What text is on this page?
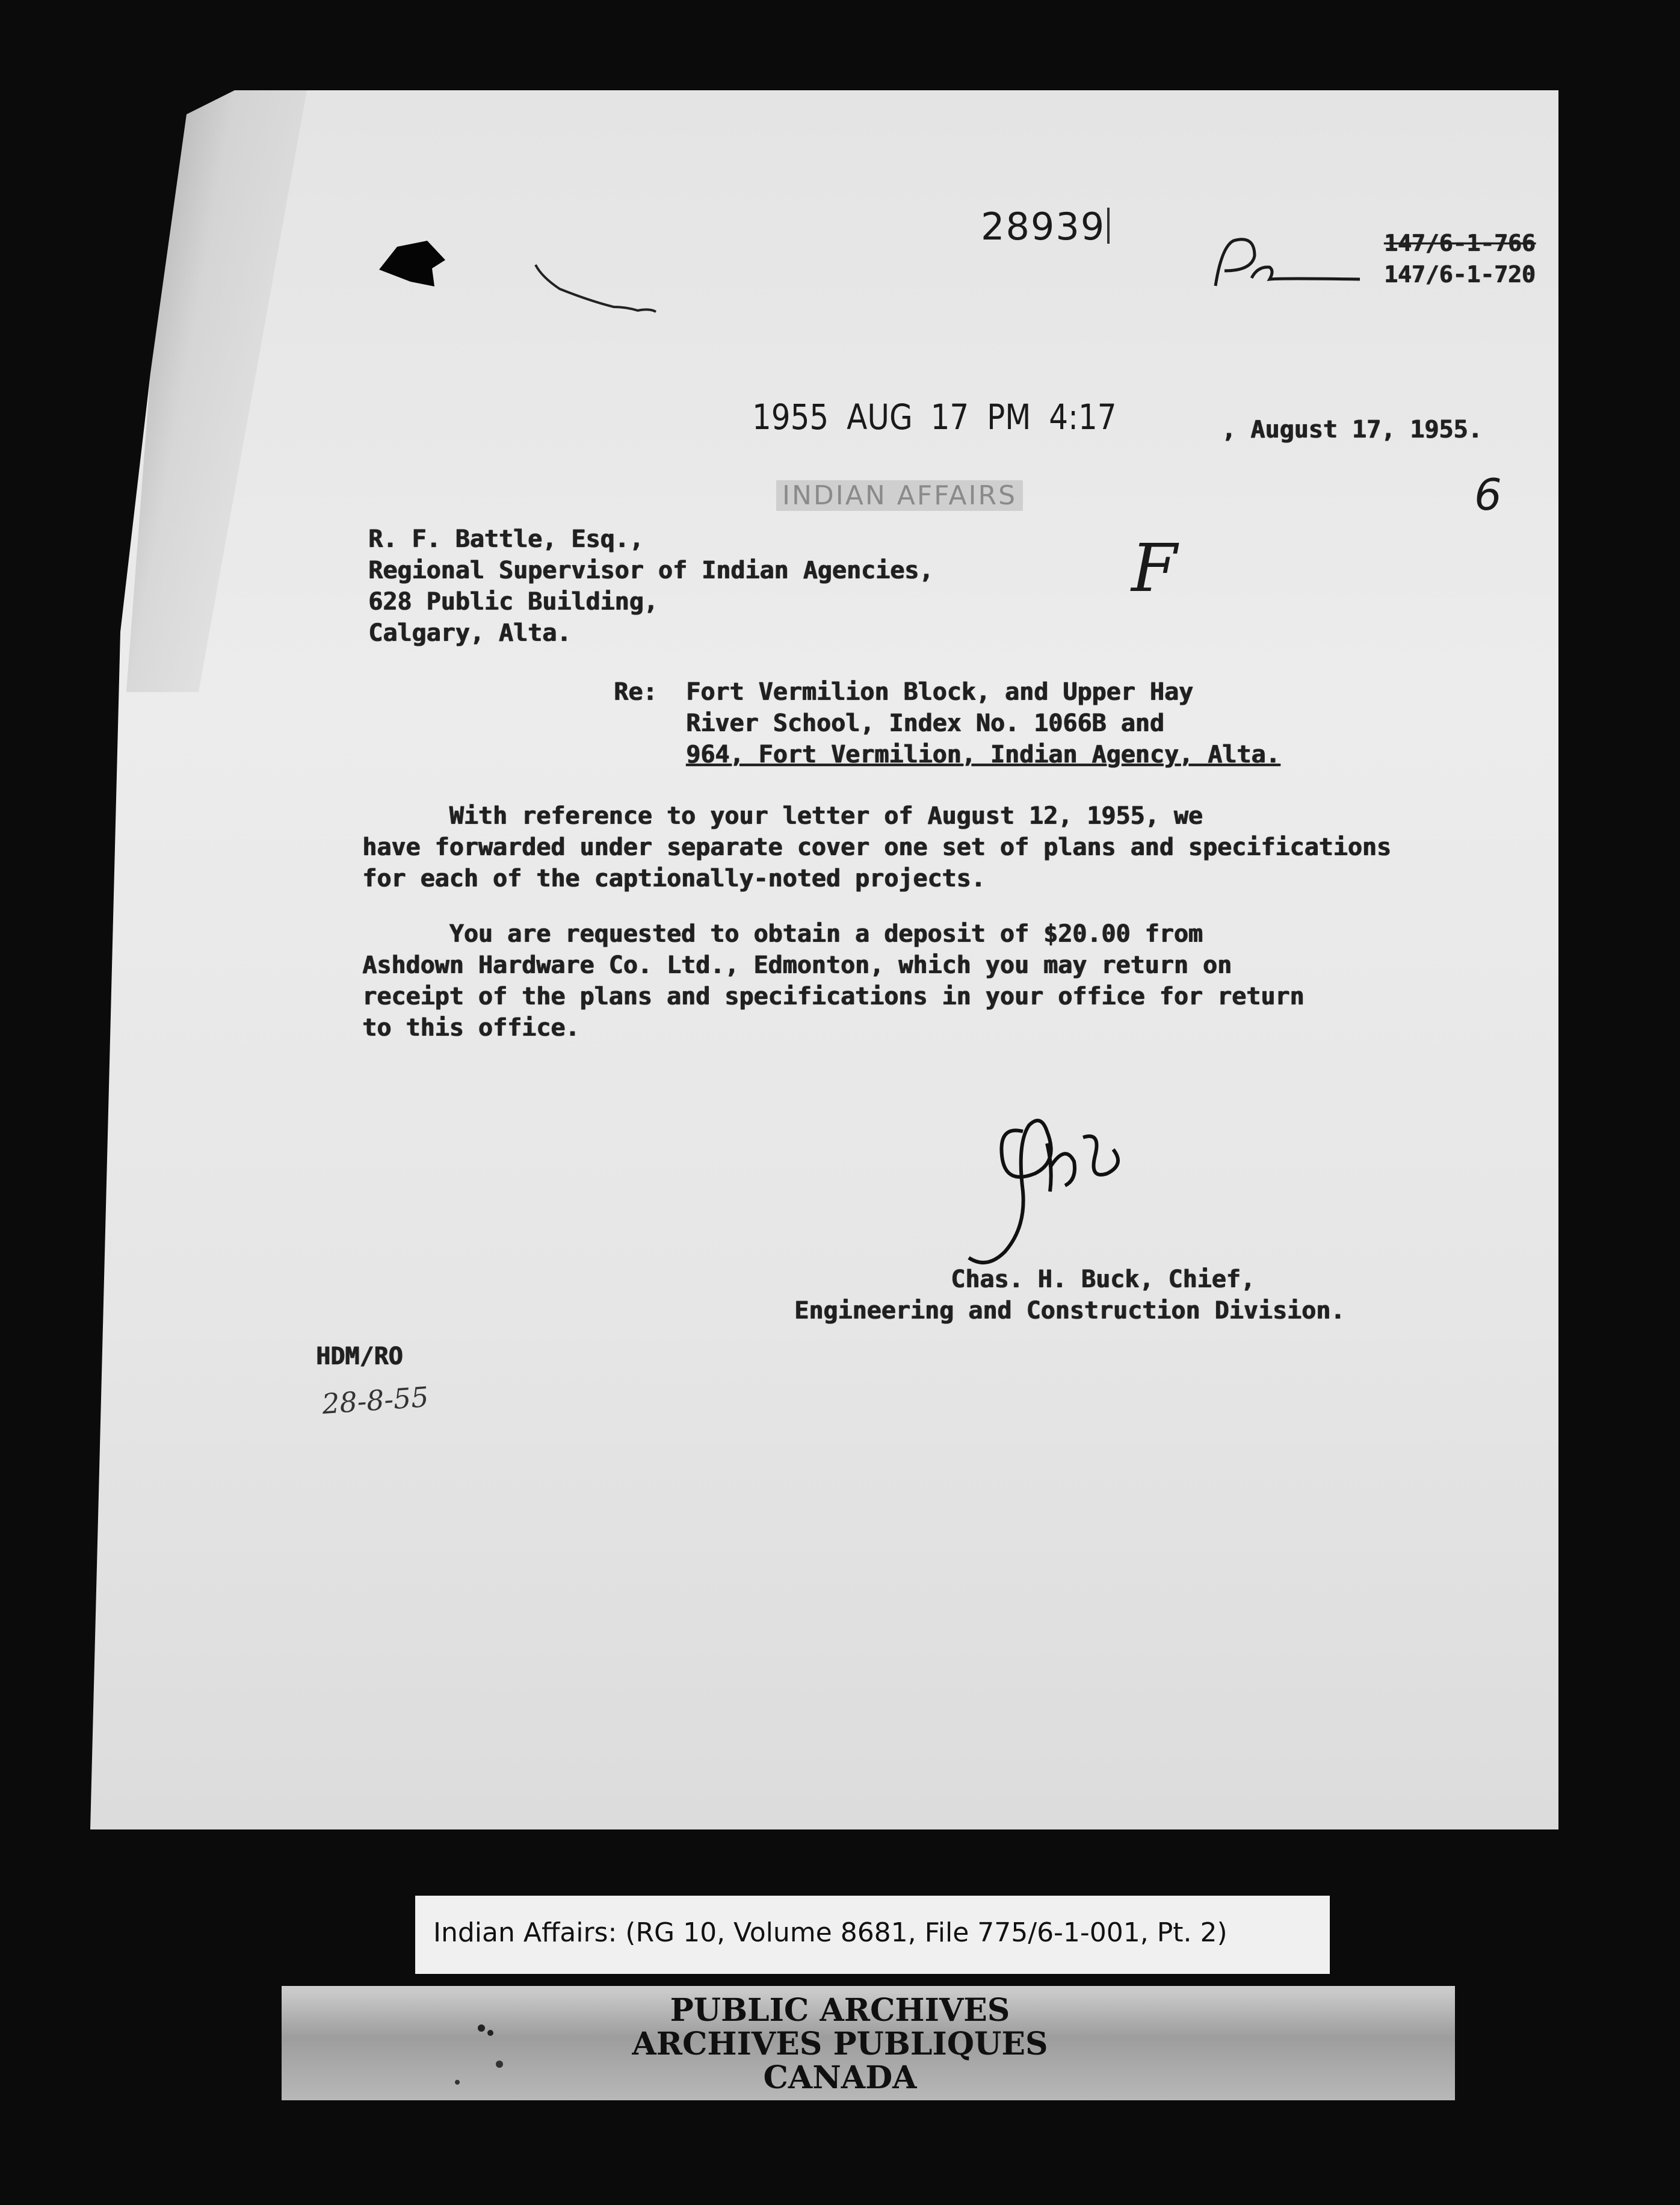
28939	147/6-1-766
147/6-1-720
1955 AUG 17 PM 4:17
INDIAN AFFAIRS
, August 17, 1955.
6
F
R. F. Battle, Esq.,
Regional Supervisor of Indian Agencies,
628 Public Building,
Calgary, Alta.
Re: Fort Vermilion Block, and Upper Hay
River School, Index No. 1066B and
964, Fort Vermilion, Indian Agency, Alta.
With reference to your letter of August 12, 1955, we
have forwarded under separate cover one set of plans and specifications
for each of the captionally-noted projects.
You are requested to obtain a deposit of $20.00 from
Ashdown Hardware Co. Ltd., Edmonton, which you may return on
receipt of the plans and specifications in your office for return
to this office.
Chas. H. Buck, Chief,
Engineering and Construction Division.
HDM/RO
28-8-55
Indian Affairs: (RG 10, Volume 8681, File 775/6-1-001, Pt. 2)
PUBLIC ARCHIVES
ARCHIVES PUBLIQUES
CANADA
